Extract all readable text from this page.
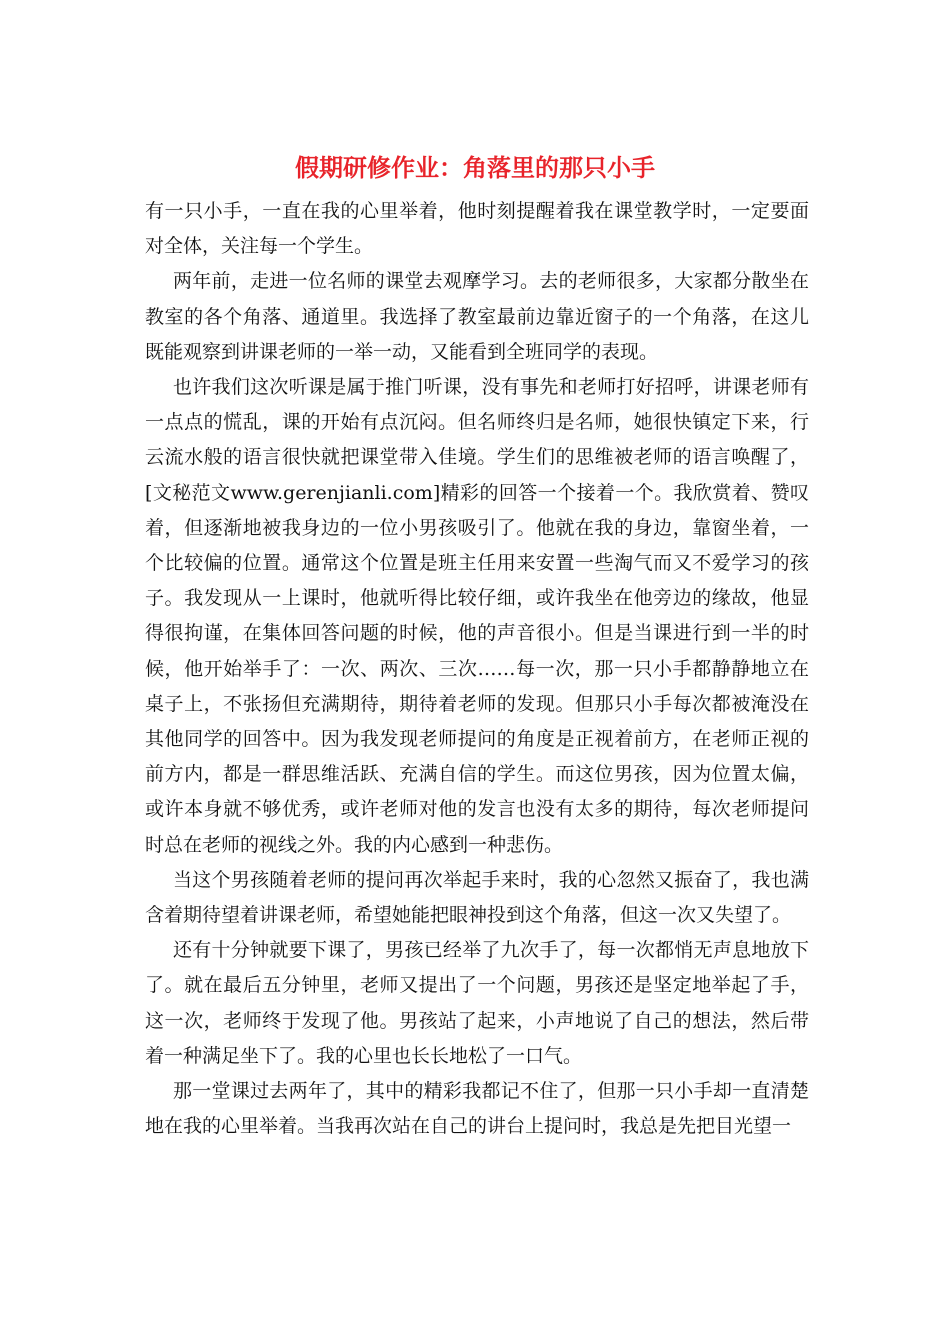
假期研修作业：角落里的那只小手

有一只小手，一直在我的心里举着，他时刻提醒着我在课堂教学时，一定要面对全体，关注每一个学生。

两年前，走进一位名师的课堂去观摩学习。去的老师很多，大家都分散坐在教室的各个角落、通道里。我选择了教室最前边靠近窗子的一个角落，在这儿既能观察到讲课老师的一举一动，又能看到全班同学的表现。

也许我们这次听课是属于推门听课，没有事先和老师打好招呼，讲课老师有一点点的慌乱，课的开始有点沉闷。但名师终归是名师，她很快镇定下来，行云流水般的语言很快就把课堂带入佳境。学生们的思维被老师的语言唤醒了，[文秘范文www.gerenjianli.com]精彩的回答一个接着一个。我欣赏着、赞叹着，但逐渐地被我身边的一位小男孩吸引了。他就在我的身边，靠窗坐着，一个比较偏的位置。通常这个位置是班主任用来安置一些淘气而又不爱学习的孩子。我发现从一上课时，他就听得比较仔细，或许我坐在他旁边的缘故，他显得很拘谨，在集体回答问题的时候，他的声音很小。但是当课进行到一半的时候，他开始举手了：一次、两次、三次……每一次，那一只小手都静静地立在桌子上，不张扬但充满期待，期待着老师的发现。但那只小手每次都被淹没在其他同学的回答中。因为我发现老师提问的角度是正视着前方，在老师正视的前方内，都是一群思维活跃、充满自信的学生。而这位男孩，因为位置太偏，或许本身就不够优秀，或许老师对他的发言也没有太多的期待，每次老师提问时总在老师的视线之外。我的内心感到一种悲伤。

当这个男孩随着老师的提问再次举起手来时，我的心忽然又振奋了，我也满含着期待望着讲课老师，希望她能把眼神投到这个角落，但这一次又失望了。

还有十分钟就要下课了，男孩已经举了九次手了，每一次都悄无声息地放下了。就在最后五分钟里，老师又提出了一个问题，男孩还是坚定地举起了手，这一次，老师终于发现了他。男孩站了起来，小声地说了自己的想法，然后带着一种满足坐下了。我的心里也长长地松了一口气。

那一堂课过去两年了，其中的精彩我都记不住了，但那一只小手却一直清楚地在我的心里举着。当我再次站在自己的讲台上提问时，我总是先把目光望一
